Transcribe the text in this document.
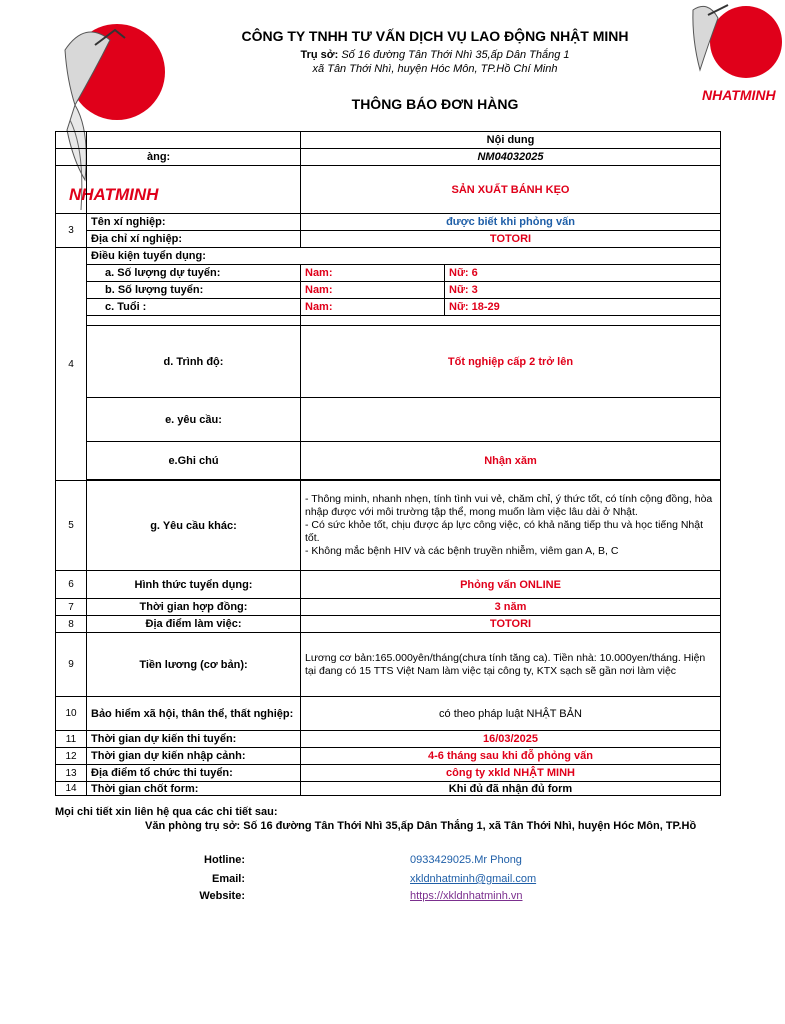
CÔNG TY TNHH TƯ VẤN DỊCH VỤ LAO ĐỘNG NHẬT MINH
Trụ sở: Số 16 đường Tân Thới Nhì 35,ấp Dân Thắng 1
xã Tân Thới Nhì, huyện Hóc Môn, TP.Hồ Chí Minh
THÔNG BÁO ĐƠN HÀNG
NHATMINH
NHATMINH
		Nội dung	
	àng:	NM04032025	
		SẢN XUẤT BÁNH KẸO	
3	Tên xí nghiệp:	được biết khi phỏng vấn	
	Địa chỉ xí nghiệp:	TOTORI	
4	Điều kiện tuyển dụng:		
	a. Số lượng dự tuyển:	Nam:	Nữ: 6
	b. Số lượng tuyển:	Nam:	Nữ: 3
	c. Tuổi :	Nam:	Nữ: 18-29

	d. Trình độ:	Tốt nghiệp cấp 2 trở lên	
	e. yêu cầu:		
	e.Ghi chú	Nhận xăm	

5	g. Yêu cầu khác:	- Thông minh, nhanh nhẹn, tính tình vui vẻ, chăm chỉ, ý thức tốt, có tính cộng đồng, hòa nhập được với môi trường tập thể, mong muốn làm việc lâu dài ở Nhật.
- Có sức khỏe tốt, chịu được áp lực công việc, có khả năng tiếp thu và học tiếng Nhật tốt.
- Không mắc bệnh HIV và các bệnh truyền nhiễm, viêm gan A, B, C	

6	Hình thức tuyển dụng:	Phỏng vấn ONLINE	
7	Thời gian hợp đồng:	3 năm	
8	Địa điểm làm việc:	TOTORI	
9	Tiền lương (cơ bản):	Lương cơ bản:165.000yên/tháng(chưa tính tăng ca). Tiền nhà: 10.000yen/tháng. Hiện tại đang có 15 TTS Việt Nam làm việc tại công ty, KTX sạch sẽ gần nơi làm việc	
10	Bảo hiểm xã hội, thân thể, thất nghiệp:	có theo pháp luật NHẬT BẢN	
11	Thời gian dự kiến thi tuyển:	16/03/2025	
12	Thời gian dự kiến nhập cảnh:	4-6 tháng sau khi đỗ phỏng vấn	
13	Địa điểm tổ chức thi tuyển:	công ty xkld NHẬT MINH	
14	Thời gian chốt form:	Khi đủ đã nhận đủ form	
Mọi chi tiết xin liên hệ qua các chi tiết sau:
Văn phòng trụ sở: Số 16 đường Tân Thới Nhì 35,ấp Dân Thắng 1, xã Tân Thới Nhì, huyện Hóc Môn, TP.Hồ
Hotline:	0933429025.Mr Phong
Email:	xkldnhatminh@gmail.com
Website:	https://xkldnhatminh.vn
